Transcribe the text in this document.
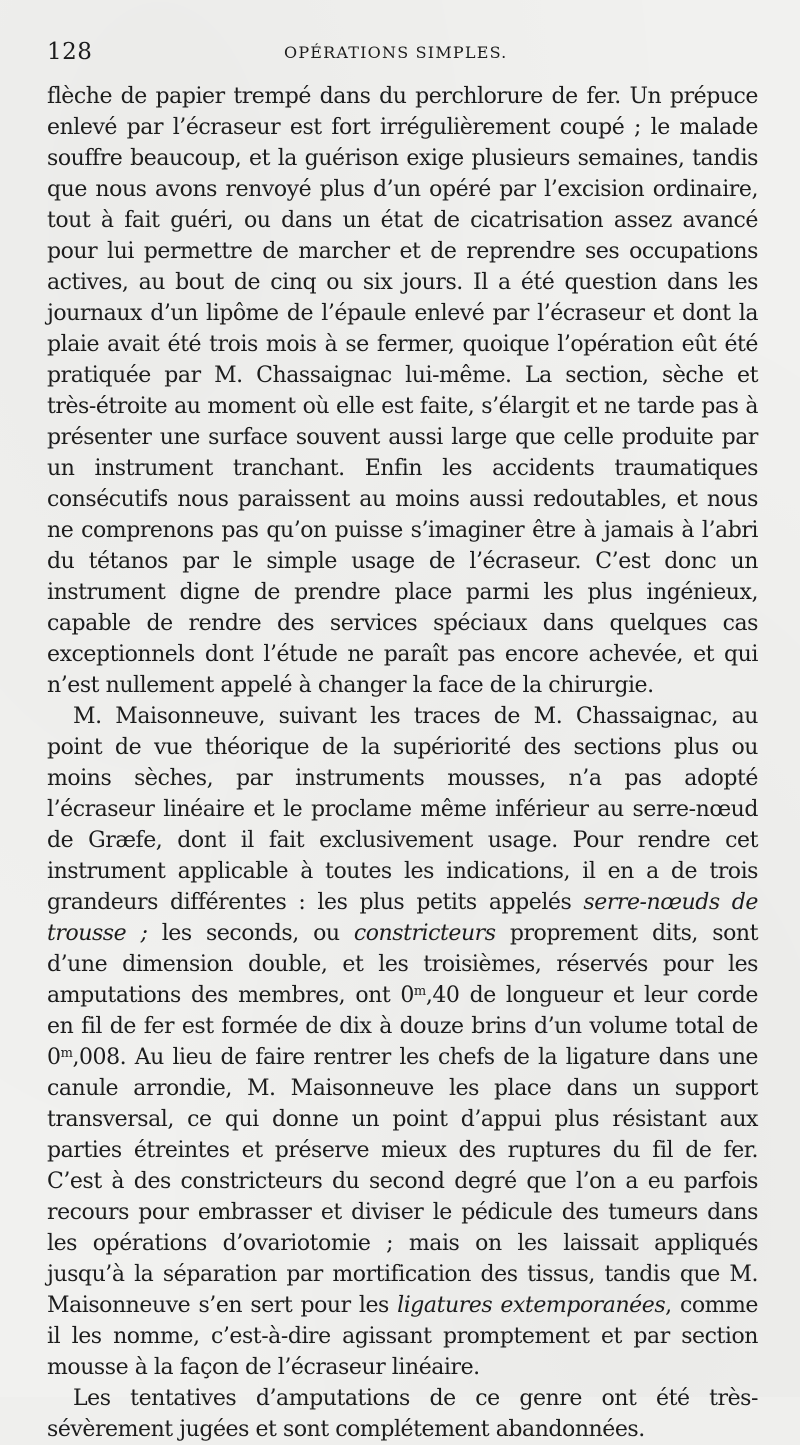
128	OPÉRATIONS SIMPLES.

flèche de papier trempé dans du perchlorure de fer. Un prépuce enlevé par l’écraseur est fort irrégulièrement coupé ; le malade souffre beaucoup, et la guérison exige plusieurs semaines, tandis que nous avons renvoyé plus d’un opéré par l’excision ordinaire, tout à fait guéri, ou dans un état de cicatrisation assez avancé pour lui permettre de marcher et de reprendre ses occupations actives, au bout de cinq ou six jours. Il a été question dans les journaux d’un lipôme de l’épaule enlevé par l’écraseur et dont la plaie avait été trois mois à se fermer, quoique l’opération eût été pratiquée par M. Chassaignac lui-même. La section, sèche et très-étroite au moment où elle est faite, s’élargit et ne tarde pas à présenter une surface souvent aussi large que celle produite par un instrument tranchant. Enfin les accidents traumatiques consécutifs nous paraissent au moins aussi redoutables, et nous ne comprenons pas qu’on puisse s’imaginer être à jamais à l’abri du tétanos par le simple usage de l’écraseur. C’est donc un instrument digne de prendre place parmi les plus ingénieux, capable de rendre des services spéciaux dans quelques cas exceptionnels dont l’étude ne paraît pas encore achevée, et qui n’est nullement appelé à changer la face de la chirurgie.

M. Maisonneuve, suivant les traces de M. Chassaignac, au point de vue théorique de la supériorité des sections plus ou moins sèches, par instruments mousses, n’a pas adopté l’écraseur linéaire et le proclame même inférieur au serre-nœud de Græfe, dont il fait exclusivement usage. Pour rendre cet instrument applicable à toutes les indications, il en a de trois grandeurs différentes : les plus petits appelés serre-nœuds de trousse ; les seconds, ou constricteurs proprement dits, sont d’une dimension double, et les troisièmes, réservés pour les amputations des membres, ont 0$^m$,40 de longueur et leur corde en fil de fer est formée de dix à douze brins d’un volume total de 0$^m$,008. Au lieu de faire rentrer les chefs de la ligature dans une canule arrondie, M. Maisonneuve les place dans un support transversal, ce qui donne un point d’appui plus résistant aux parties étreintes et préserve mieux des ruptures du fil de fer. C’est à des constricteurs du second degré que l’on a eu parfois recours pour embrasser et diviser le pédicule des tumeurs dans les opérations d’ovariotomie ; mais on les laissait appliqués jusqu’à la séparation par mortification des tissus, tandis que M. Maisonneuve s’en sert pour les ligatures extemporanées, comme il les nomme, c’est-à-dire agissant promptement et par section mousse à la façon de l’écraseur linéaire.

Les tentatives d’amputations de ce genre ont été très-sévèrement jugées et sont complétement abandonnées.
